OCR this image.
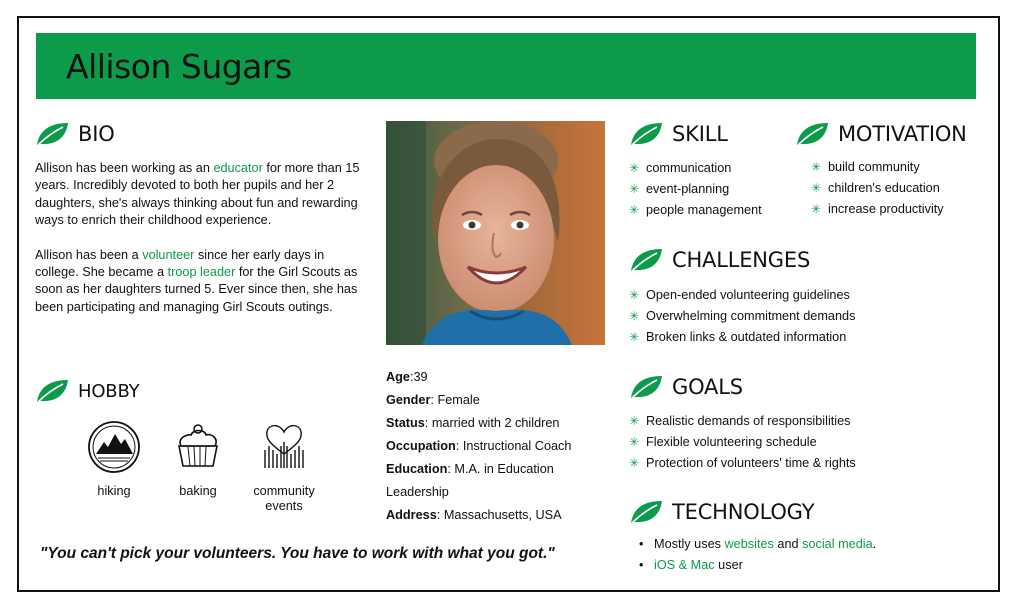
Allison Sugars
BIO

Allison has been working as an educator for more than 15 years. Incredibly devoted to both her pupils and her 2 daughters, she's always thinking about fun and rewarding ways to enrich their childhood experience.

Allison has been a volunteer since her early days in college. She became a troop leader for the Girl Scouts as soon as her daughters turned 5. Ever since then, she has been participating and managing Girl Scouts outings.

HOBBY
hiking	baking	community
events
Age:39
Gender: Female
Status: married with 2 children
Occupation: Instructional Coach
Education: M.A. in Education Leadership
Address: Massachusetts, USA
SKILL
✳ communication
✳ event-planning
✳ people management
MOTIVATION
✳ build community
✳ children's education
✳ increase productivity
CHALLENGES
✳ Open-ended volunteering guidelines
✳ Overwhelming commitment demands
✳ Broken links & outdated information
GOALS
✳ Realistic demands of responsibilities
✳ Flexible volunteering schedule
✳ Protection of volunteers' time & rights
TECHNOLOGY
• Mostly uses websites and social media.
• iOS & Mac user
"You can't pick your volunteers. You have to work with what you got."
